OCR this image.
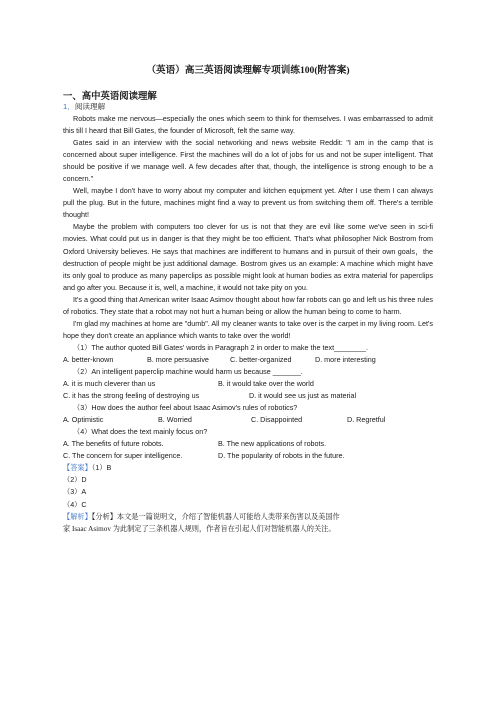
（英语）高三英语阅读理解专项训练100(附答案)
一、高中英语阅读理解
1．阅读理解

Robots make me nervous—especially the ones which seem to think for themselves. I was embarrassed to admit this till I heard that Bill Gates, the founder of Microsoft, felt the same way.

Gates said in an interview with the social networking and news website Reddit: "I am in the camp that is concerned about super intelligence. First the machines will do a lot of jobs for us and not be super intelligent. That should be positive if we manage well. A few decades after that, though, the intelligence is strong enough to be a concern."

Well, maybe I don't have to worry about my computer and kitchen equipment yet. After I use them I can always pull the plug. But in the future, machines might find a way to prevent us from switching them off. There's a terrible thought!

Maybe the problem with computers too clever for us is not that they are evil like some we've seen in sci-fi movies. What could put us in danger is that they might be too efficient. That's what philosopher Nick Bostrom from Oxford University believes. He says that machines are indifferent to humans and in pursuit of their own goals，the destruction of people might be just additional damage. Bostrom gives us an example: A machine which might have its only goal to produce as many paperclips as possible might look at human bodies as extra material for paperclips and go after you. Because it is, well, a machine, it would not take pity on you.

It's a good thing that American writer Isaac Asimov thought about how far robots can go and left us his three rules of robotics. They state that a robot may not hurt a human being or allow the human being to come to harm.

I'm glad my machines at home are "dumb". All my cleaner wants to take over is the carpet in my living room. Let's hope they don't create an appliance which wants to take over the world!

（1）The author quoted Bill Gates' words in Paragraph 2 in order to make the text________.

A. better-known	B. more persuasive	C. better-organized	D. more interesting

（2）An intelligent paperclip machine would harm us because _______.

A. it is much cleverer than us	B. it would take over the world
C. it has the strong feeling of destroying us	D. it would see us just as material

（3）How does the author feel about Isaac Asimov's rules of robotics?

A. Optimistic	B. Worried	C. Disappointed	D. Regretful

（4）What does the text mainly focus on?

A. The benefits of future robots.	B. The new applications of robots.
C. The concern for super intelligence.	D. The popularity of robots in the future.

【答案】（1）B

（2）D

（3）A

（4）C

【解析】【分析】本文是一篇说明文，介绍了智能机器人可能给人类带来伤害以及美国作

家 Isaac Asimov 为此制定了三条机器人规则，作者旨在引起人们对智能机器人的关注。
